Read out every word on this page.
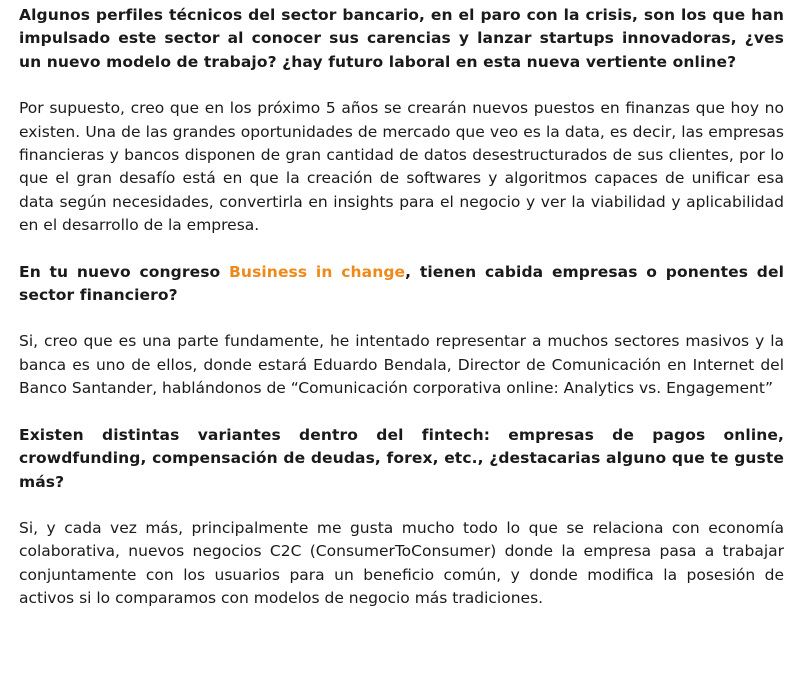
Algunos perfiles técnicos del sector bancario, en el paro con la crisis, son los que han impulsado este sector al conocer sus carencias y lanzar startups innovadoras, ¿ves un nuevo modelo de trabajo? ¿hay futuro laboral en esta nueva vertiente online?

Por supuesto, creo que en los próximo 5 años se crearán nuevos puestos en finanzas que hoy no existen. Una de las grandes oportunidades de mercado que veo es la data, es decir, las empresas financieras y bancos disponen de gran cantidad de datos desestructurados de sus clientes, por lo que el gran desafío está en que la creación de softwares y algoritmos capaces de unificar esa data según necesidades, convertirla en insights para el negocio y ver la viabilidad y aplicabilidad en el desarrollo de la empresa.

En tu nuevo congreso Business in change, tienen cabida empresas o ponentes del sector financiero?

Si, creo que es una parte fundamente, he intentado representar a muchos sectores masivos y la banca es uno de ellos, donde estará Eduardo Bendala, Director de Comunicación en Internet del Banco Santander, hablándonos de “Comunicación corporativa online: Analytics vs. Engagement”

Existen distintas variantes dentro del fintech: empresas de pagos online, crowdfunding, compensación de deudas, forex, etc., ¿destacarias alguno que te guste más?

Si, y cada vez más, principalmente me gusta mucho todo lo que se relaciona con economía colaborativa, nuevos negocios C2C (ConsumerToConsumer) donde la empresa pasa a trabajar conjuntamente con los usuarios para un beneficio común, y donde modifica la posesión de activos si lo comparamos con modelos de negocio más tradiciones.
